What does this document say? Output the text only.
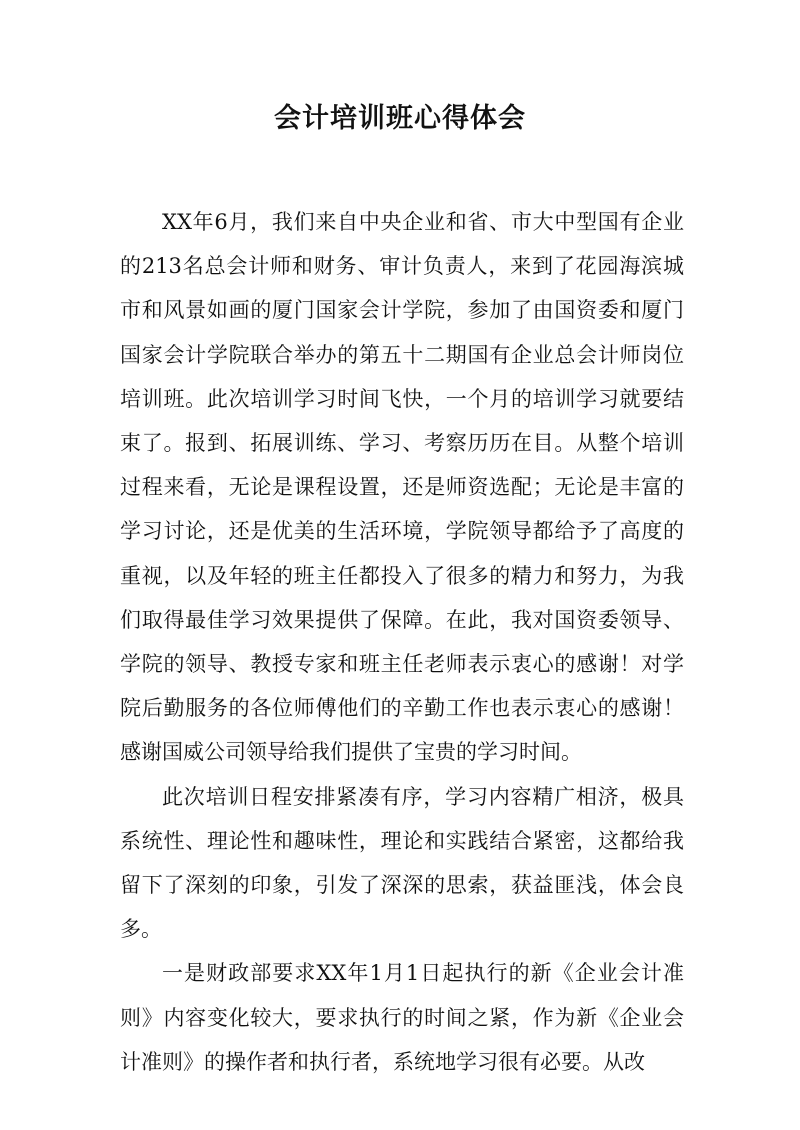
会计培训班心得体会

XX年6月，我们来自中央企业和省、市大中型国有企业的213名总会计师和财务、审计负责人，来到了花园海滨城市和风景如画的厦门国家会计学院，参加了由国资委和厦门国家会计学院联合举办的第五十二期国有企业总会计师岗位培训班。此次培训学习时间飞快，一个月的培训学习就要结束了。报到、拓展训练、学习、考察历历在目。从整个培训过程来看，无论是课程设置，还是师资选配；无论是丰富的学习讨论，还是优美的生活环境，学院领导都给予了高度的重视，以及年轻的班主任都投入了很多的精力和努力，为我们取得最佳学习效果提供了保障。在此，我对国资委领导、学院的领导、教授专家和班主任老师表示衷心的感谢！对学院后勤服务的各位师傅他们的辛勤工作也表示衷心的感谢！感谢国威公司领导给我们提供了宝贵的学习时间。

此次培训日程安排紧凑有序，学习内容精广相济，极具系统性、理论性和趣味性，理论和实践结合紧密，这都给我留下了深刻的印象，引发了深深的思索，获益匪浅，体会良多。

一是财政部要求XX年1月1日起执行的新《企业会计准则》内容变化较大，要求执行的时间之紧，作为新《企业会计准则》的操作者和执行者，系统地学习很有必要。从改
